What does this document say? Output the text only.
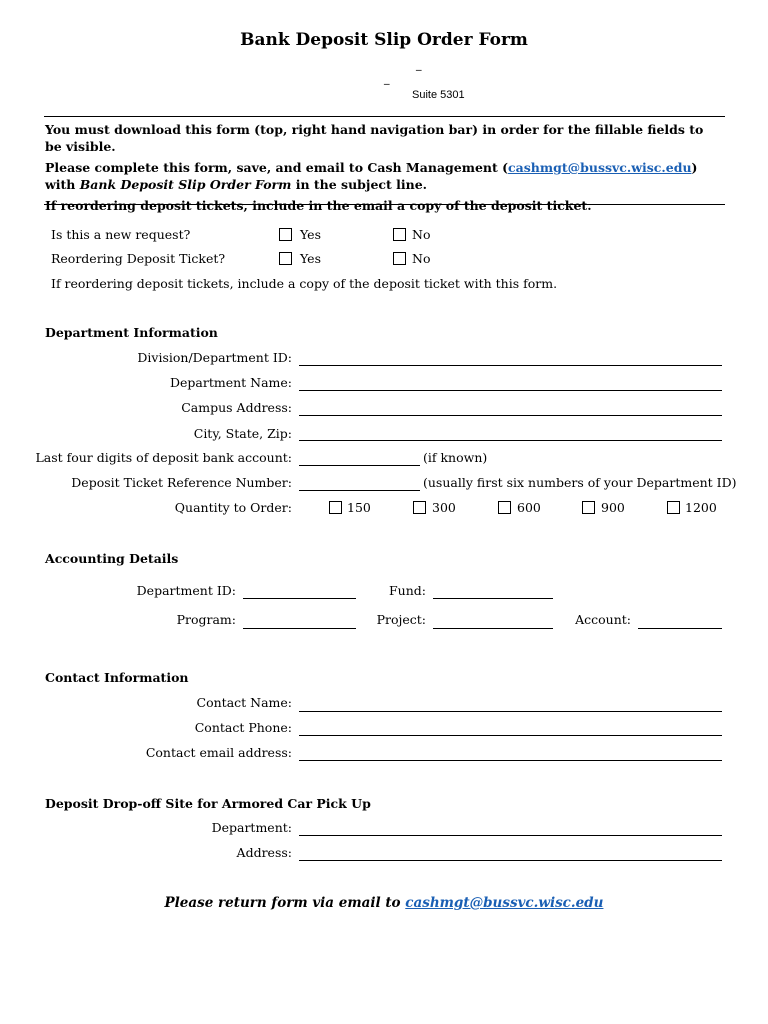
Bank Deposit Slip Order Form
_
_
Suite 5301
You must download this form (top, right hand navigation bar) in order for the fillable fields to be visible.
Please complete this form, save, and email to Cash Management (cashmgt@bussvc.wisc.edu) with Bank Deposit Slip Order Form in the subject line.
If reordering deposit tickets, include in the email a copy of the deposit ticket.
Is this a new request?	Yes	No
Reordering Deposit Ticket?	Yes	No
If reordering deposit tickets, include a copy of the deposit ticket with this form.
Department Information
Division/Department ID:
Department Name:
Campus Address:
City, State, Zip:
Last four digits of deposit bank account:	(if known)
Deposit Ticket Reference Number:	(usually first six numbers of your Department ID)
Quantity to Order:	150	300	600	900	1200
Accounting Details
Department ID:	Fund:
Program:	Project:	Account:
Contact Information
Contact Name:
Contact Phone:
Contact email address:
Deposit Drop-off Site for Armored Car Pick Up
Department:
Address:
Please return form via email to cashmgt@bussvc.wisc.edu
